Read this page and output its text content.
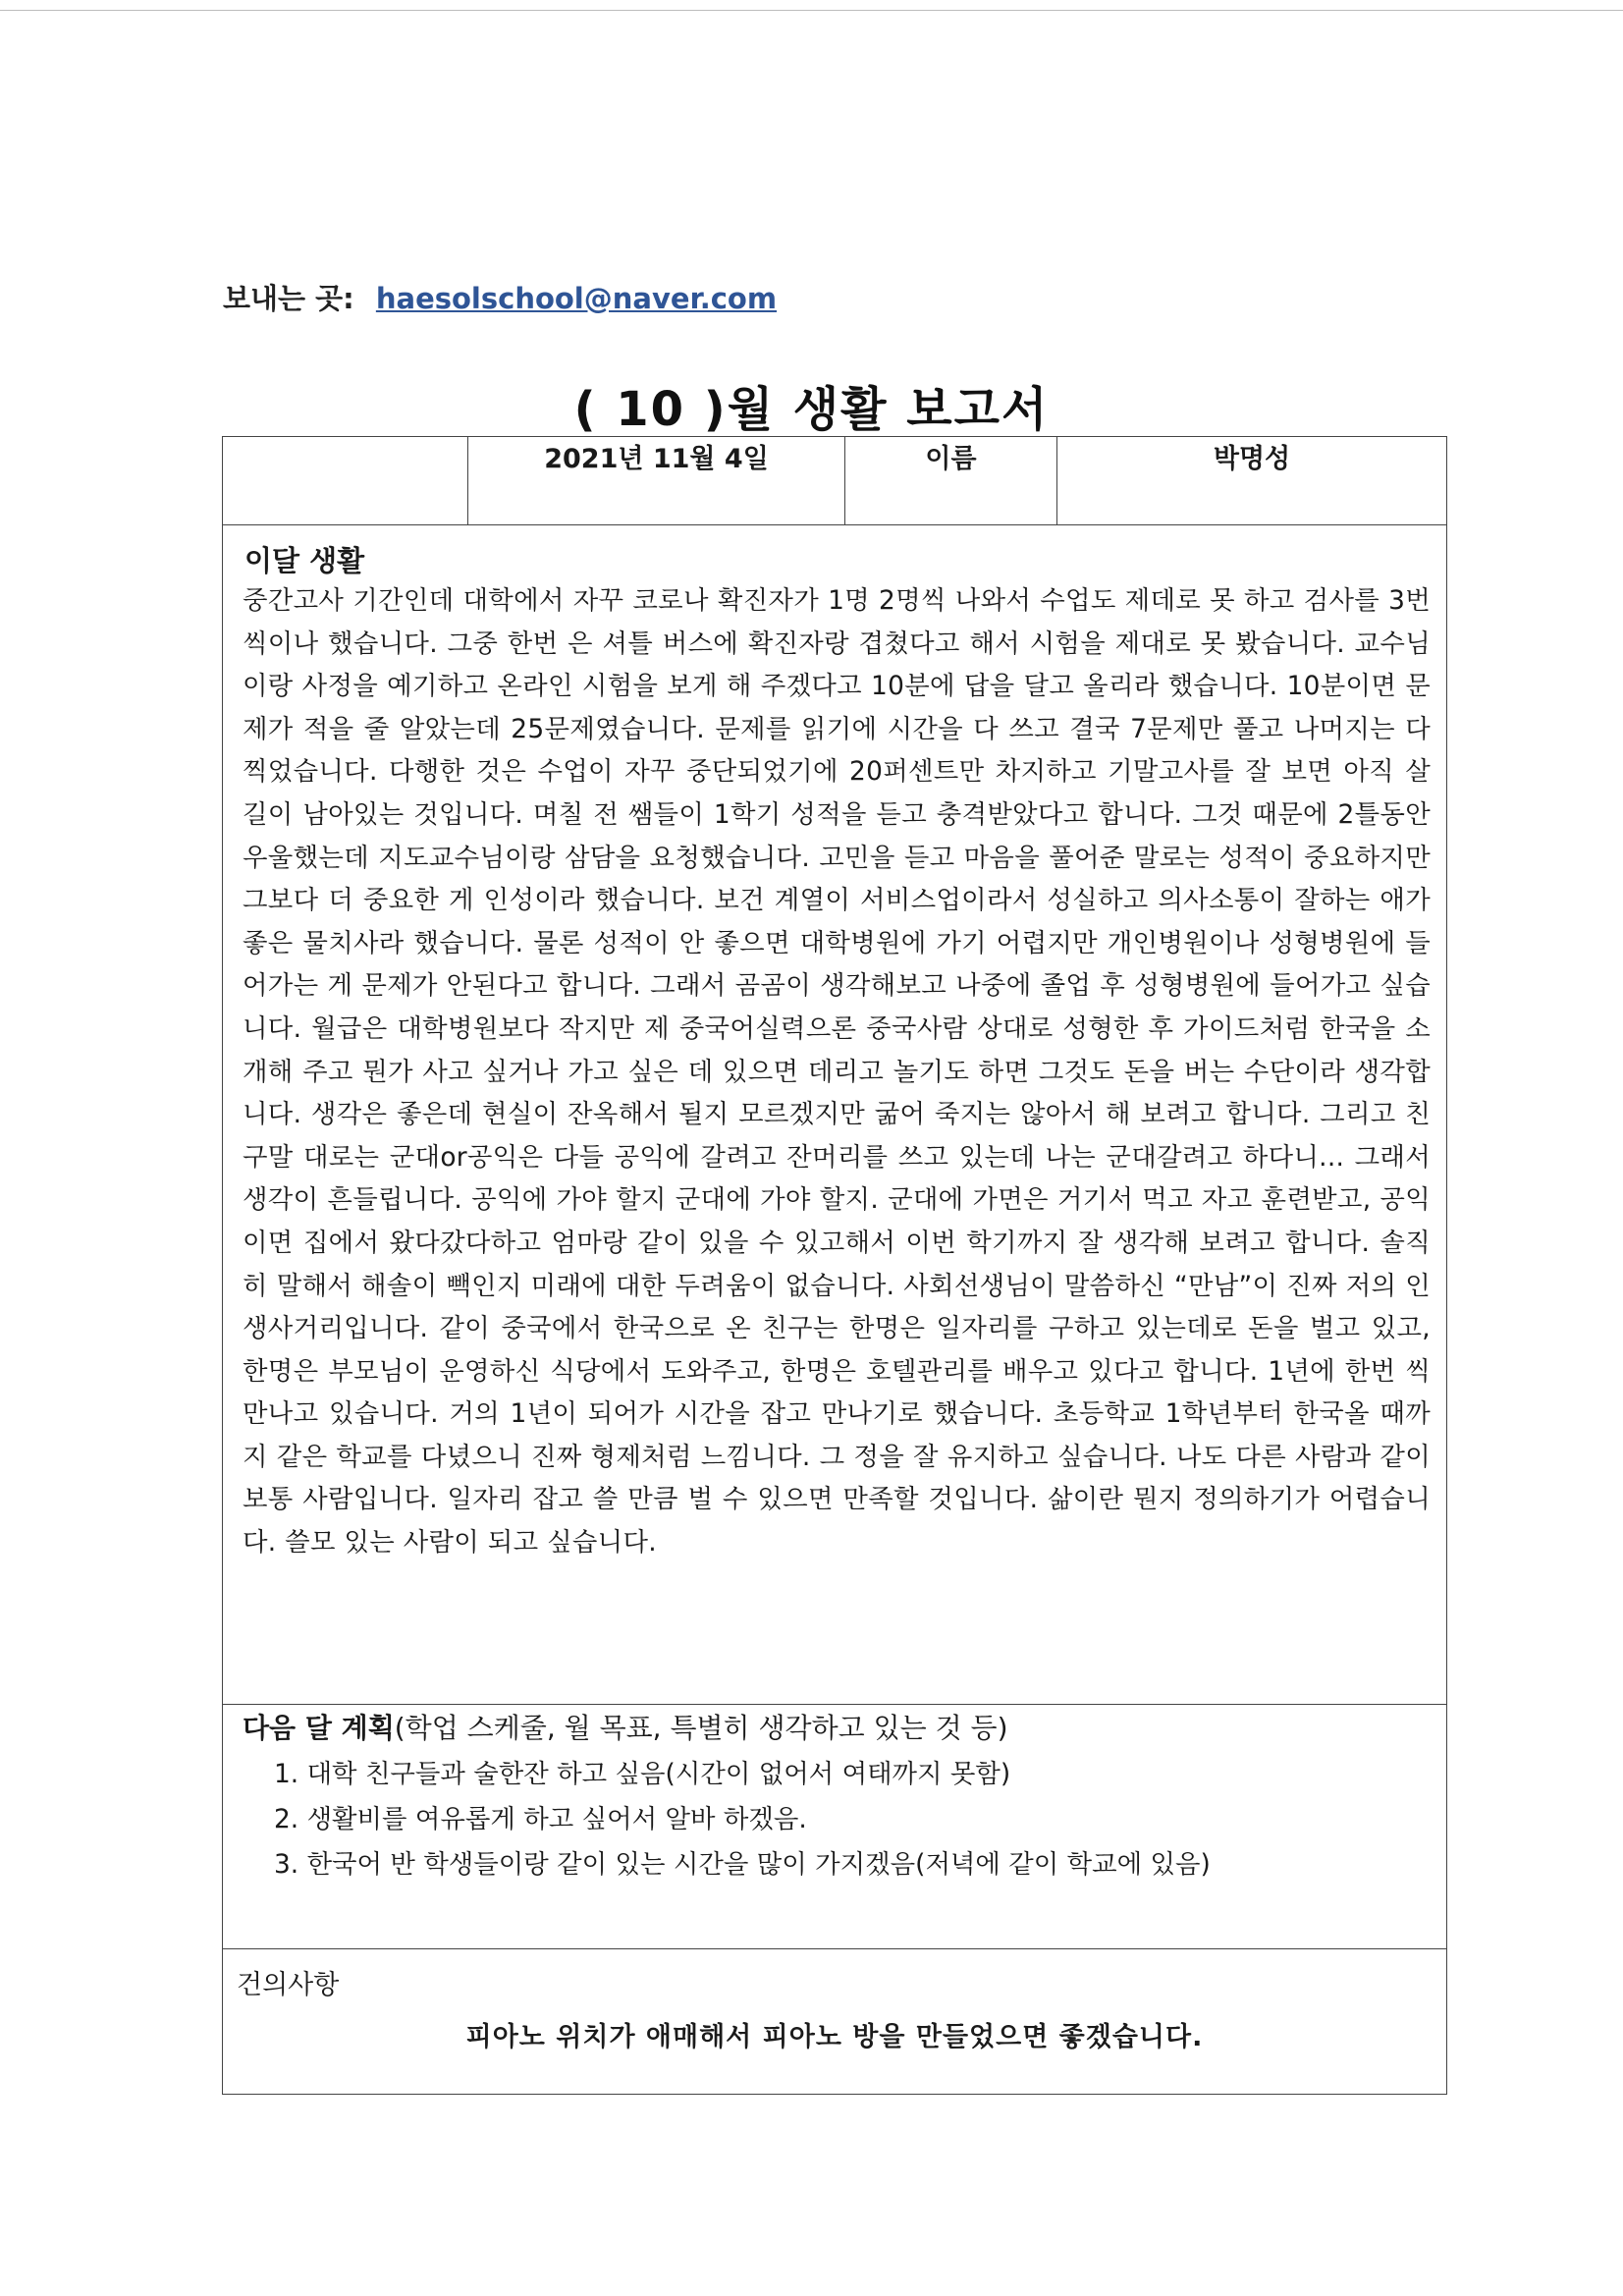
보내는 곳: haesolschool@naver.com
( 10 )월 생활 보고서
	2021년 11월 4일	이름	박명성

이달 생활
중간고사 기간인데 대학에서 자꾸 코로나 확진자가 1명 2명씩 나와서 수업도 제데로 못 하고 검사를 3번씩이나 했습니다. 그중 한번 은 셔틀 버스에 확진자랑 겹쳤다고 해서 시험을 제대로 못 봤습니다. 교수님이랑 사정을 예기하고 온라인 시험을 보게 해 주겠다고 10분에 답을 달고 올리라 했습니다. 10분이면 문제가 적을 줄 알았는데 25문제였습니다. 문제를 읽기에 시간을 다 쓰고 결국 7문제만 풀고 나머지는 다 찍었습니다. 다행한 것은 수업이 자꾸 중단되었기에 20퍼센트만 차지하고 기말고사를 잘 보면 아직 살 길이 남아있는 것입니다. 며칠 전 쌤들이 1학기 성적을 듣고 충격받았다고 합니다. 그것 때문에 2틀동안 우울했는데 지도교수님이랑 삼담을 요청했습니다. 고민을 듣고 마음을 풀어준 말로는 성적이 중요하지만 그보다 더 중요한 게 인성이라 했습니다. 보건 계열이 서비스업이라서 성실하고 의사소통이 잘하는 애가 좋은 물치사라 했습니다. 물론 성적이 안 좋으면 대학병원에 가기 어렵지만 개인병원이나 성형병원에 들어가는 게 문제가 안된다고 합니다. 그래서 곰곰이 생각해보고 나중에 졸업 후 성형병원에 들어가고 싶습니다. 월급은 대학병원보다 작지만 제 중국어실력으론 중국사람 상대로 성형한 후 가이드처럼 한국을 소개해 주고 뭔가 사고 싶거나 가고 싶은 데 있으면 데리고 놀기도 하면 그것도 돈을 버는 수단이라 생각합니다. 생각은 좋은데 현실이 잔옥해서 될지 모르겠지만 굶어 죽지는 않아서 해 보려고 합니다. 그리고 친구말 대로는 군대or공익은 다들 공익에 갈려고 잔머리를 쓰고 있는데 나는 군대갈려고 하다니... 그래서 생각이 흔들립니다. 공익에 가야 할지 군대에 가야 할지. 군대에 가면은 거기서 먹고 자고 훈련받고, 공익이면 집에서 왔다갔다하고 엄마랑 같이 있을 수 있고해서 이번 학기까지 잘 생각해 보려고 합니다. 솔직히 말해서 해솔이 빽인지 미래에 대한 두려움이 없습니다. 사회선생님이 말씀하신 “만남”이 진짜 저의 인생사거리입니다. 같이 중국에서 한국으로 온 친구는 한명은 일자리를 구하고 있는데로 돈을 벌고 있고, 한명은 부모님이 운영하신 식당에서 도와주고, 한명은 호텔관리를 배우고 있다고 합니다. 1년에 한번 씩 만나고 있습니다. 거의 1년이 되어가 시간을 잡고 만나기로 했습니다. 초등학교 1학년부터 한국올 때까지 같은 학교를 다녔으니 진짜 형제처럼 느낌니다. 그 정을 잘 유지하고 싶습니다. 나도 다른 사람과 같이 보통 사람입니다. 일자리 잡고 쓸 만큼 벌 수 있으면 만족할 것입니다. 삶이란 뭔지 정의하기가 어렵습니다. 쓸모 있는 사람이 되고 싶습니다.

다음 달 계획(학업 스케줄, 월 목표, 특별히 생각하고 있는 것 등)
1. 대학 친구들과 술한잔 하고 싶음(시간이 없어서 여태까지 못함)
2. 생활비를 여유롭게 하고 싶어서 알바 하겠음.
3. 한국어 반 학생들이랑 같이 있는 시간을 많이 가지겠음(저녁에 같이 학교에 있음)

건의사항
피아노 위치가 애매해서 피아노 방을 만들었으면 좋겠습니다.
